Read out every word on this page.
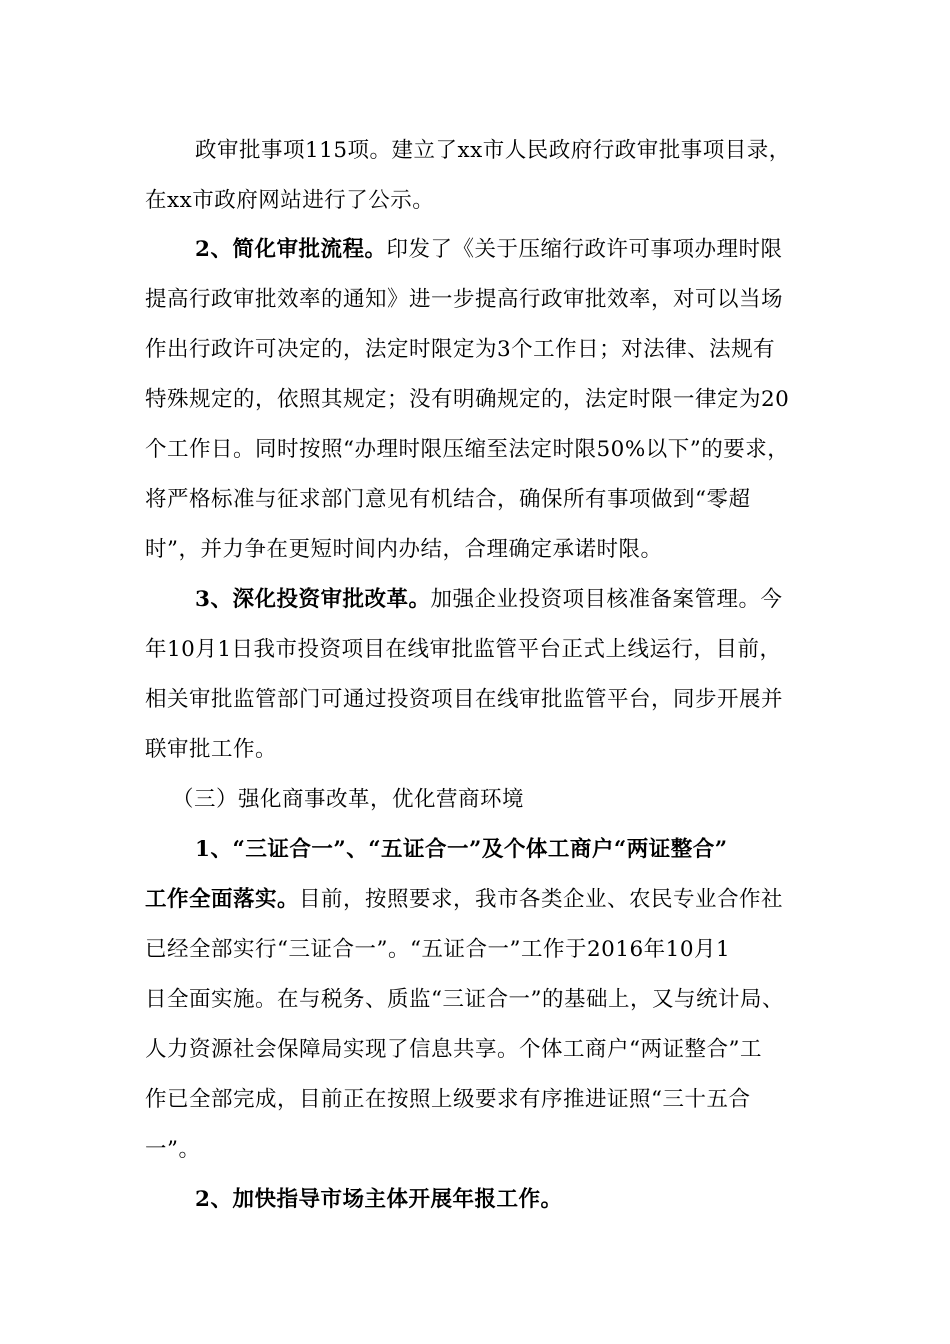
政审批事项115项。建立了xx市人民政府行政审批事项目录，
在xx市政府网站进行了公示。
2、简化审批流程。印发了《关于压缩行政许可事项办理时限
提高行政审批效率的通知》进一步提高行政审批效率，对可以当场
作出行政许可决定的，法定时限定为3个工作日；对法律、法规有
特殊规定的，依照其规定；没有明确规定的，法定时限一律定为20
个工作日。同时按照“办理时限压缩至法定时限50%以下”的要求，
将严格标准与征求部门意见有机结合，确保所有事项做到“零超
时”，并力争在更短时间内办结，合理确定承诺时限。
3、深化投资审批改革。加强企业投资项目核准备案管理。今
年10月1日我市投资项目在线审批监管平台正式上线运行，目前，
相关审批监管部门可通过投资项目在线审批监管平台，同步开展并
联审批工作。
（三）强化商事改革，优化营商环境
1、“三证合一”、“五证合一”及个体工商户“两证整合”
工作全面落实。目前，按照要求，我市各类企业、农民专业合作社
已经全部实行“三证合一”。“五证合一”工作于2016年10月1
日全面实施。在与税务、质监“三证合一”的基础上，又与统计局、
人力资源社会保障局实现了信息共享。个体工商户“两证整合”工
作已全部完成，目前正在按照上级要求有序推进证照“三十五合
一”。
2、加快指导市场主体开展年报工作。
